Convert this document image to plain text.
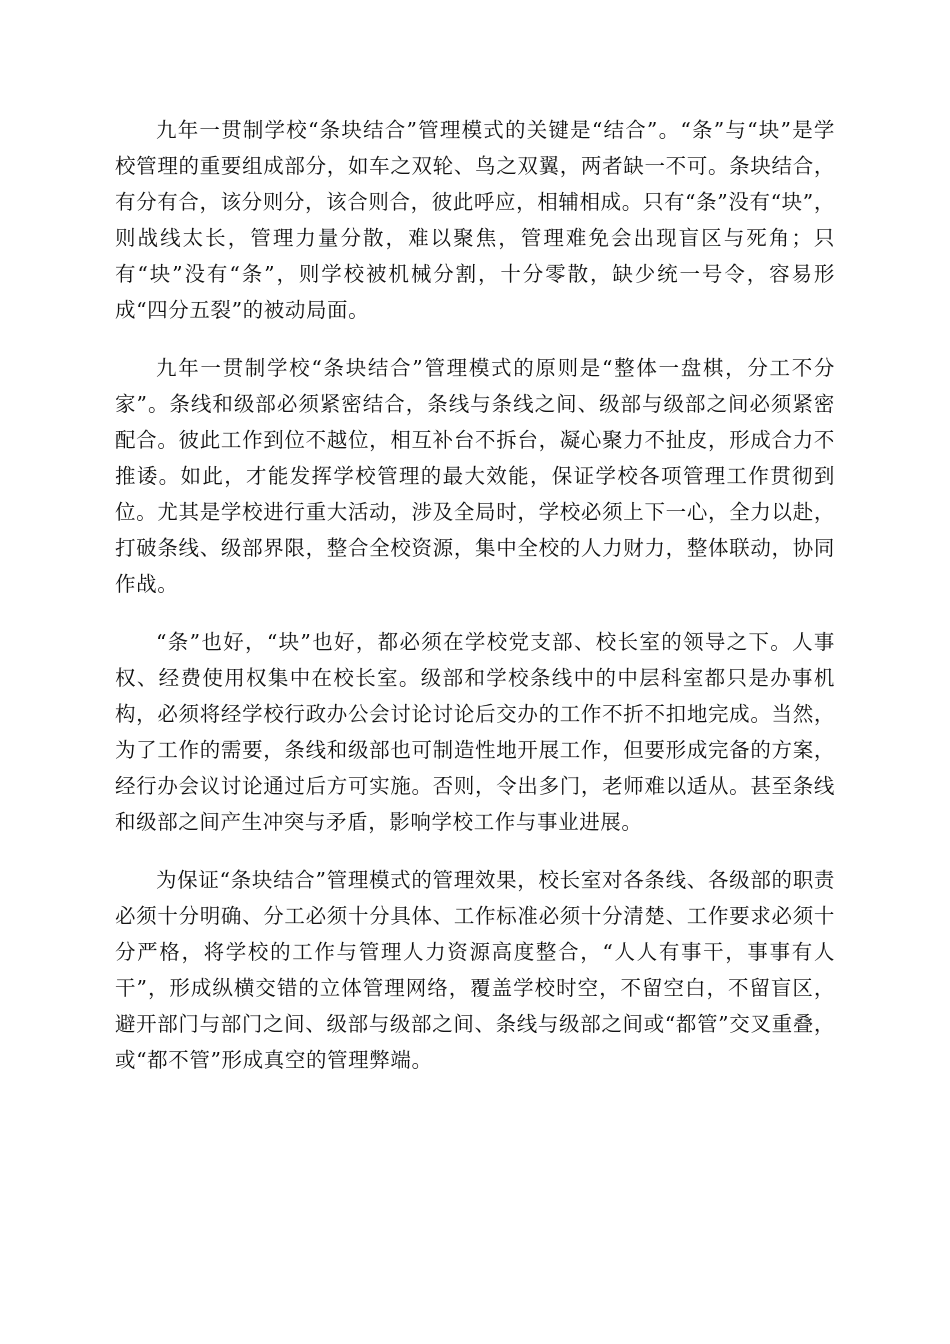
九年一贯制学校“条块结合”管理模式的关键是“结合”。“条”与“块”是学校管理的重要组成部分，如车之双轮、鸟之双翼，两者缺一不可。条块结合，有分有合，该分则分，该合则合，彼此呼应，相辅相成。只有“条”没有“块”，则战线太长，管理力量分散，难以聚焦，管理难免会出现盲区与死角；只有“块”没有“条”，则学校被机械分割，十分零散，缺少统一号令，容易形成“四分五裂”的被动局面。

九年一贯制学校“条块结合”管理模式的原则是“整体一盘棋，分工不分家”。条线和级部必须紧密结合，条线与条线之间、级部与级部之间必须紧密配合。彼此工作到位不越位，相互补台不拆台，凝心聚力不扯皮，形成合力不推诿。如此，才能发挥学校管理的最大效能，保证学校各项管理工作贯彻到位。尤其是学校进行重大活动，涉及全局时，学校必须上下一心，全力以赴，打破条线、级部界限，整合全校资源，集中全校的人力财力，整体联动，协同作战。

“条”也好，“块”也好，都必须在学校党支部、校长室的领导之下。人事权、经费使用权集中在校长室。级部和学校条线中的中层科室都只是办事机构，必须将经学校行政办公会讨论讨论后交办的工作不折不扣地完成。当然，为了工作的需要，条线和级部也可制造性地开展工作，但要形成完备的方案，经行办会议讨论通过后方可实施。否则，令出多门，老师难以适从。甚至条线和级部之间产生冲突与矛盾，影响学校工作与事业进展。

为保证“条块结合”管理模式的管理效果，校长室对各条线、各级部的职责必须十分明确、分工必须十分具体、工作标准必须十分清楚、工作要求必须十分严格，将学校的工作与管理人力资源高度整合，“人人有事干，事事有人干”，形成纵横交错的立体管理网络，覆盖学校时空，不留空白，不留盲区，避开部门与部门之间、级部与级部之间、条线与级部之间或“都管”交叉重叠，或“都不管”形成真空的管理弊端。
